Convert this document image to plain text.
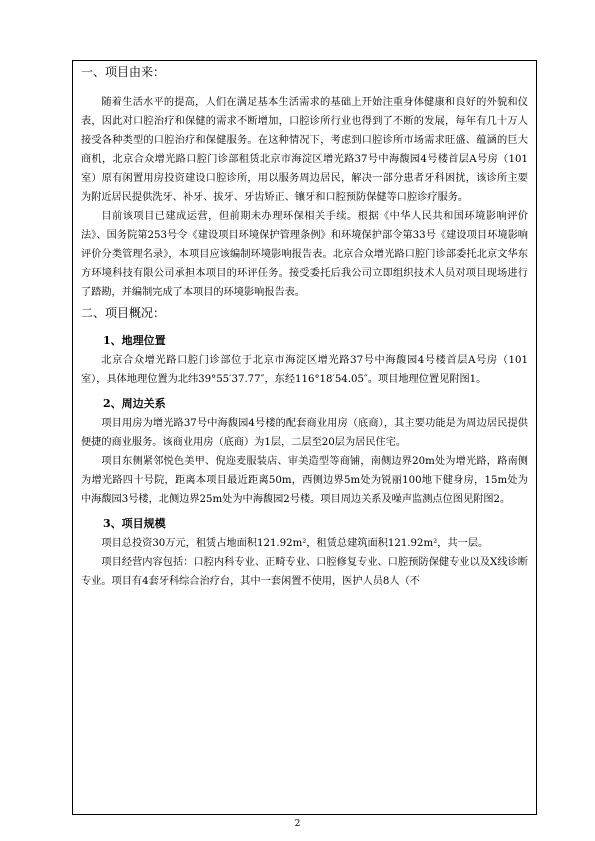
一、项目由来：

随着生活水平的提高，人们在满足基本生活需求的基础上开始注重身体健康和良好的外貌和仪表，因此对口腔治疗和保健的需求不断增加，口腔诊所行业也得到了不断的发展，每年有几十万人接受各种类型的口腔治疗和保健服务。在这种情况下，考虑到口腔诊所市场需求旺盛、蕴涵的巨大商机，北京合众增光路口腔门诊部租赁北京市海淀区增光路37号中海馥园4号楼首层A号房（101室）原有闲置用房投资建设口腔诊所，用以服务周边居民，解决一部分患者牙科困扰，该诊所主要为附近居民提供洗牙、补牙、拔牙、牙齿矫正、镶牙和口腔预防保健等口腔诊疗服务。

目前该项目已建成运营，但前期未办理环保相关手续。根据《中华人民共和国环境影响评价法》、国务院第253号令《建设项目环境保护管理条例》和环境保护部令第33号《建设项目环境影响评价分类管理名录》，本项目应该编制环境影响报告表。北京合众增光路口腔门诊部委托北京文华东方环境科技有限公司承担本项目的环评任务。接受委托后我公司立即组织技术人员对项目现场进行了踏勘，并编制完成了本项目的环境影响报告表。

二、项目概况：

1、地理位置

北京合众增光路口腔门诊部位于北京市海淀区增光路37号中海馥园4号楼首层A号房（101室），具体地理位置为北纬39°55′37.77″，东经116°18′54.05″。项目地理位置见附图1。

2、周边关系

项目用房为增光路37号中海馥园4号楼的配套商业用房（底商），其主要功能是为周边居民提供便捷的商业服务。该商业用房（底商）为1层，二层至20层为居民住宅。

项目东侧紧邻悦色美甲、倪迩麦服装店、审美造型等商铺，南侧边界20m处为增光路，路南侧为增光路四十号院，距离本项目最近距离50m，西侧边界5m处为锐丽100地下健身房，15m处为中海馥园3号楼，北侧边界25m处为中海馥园2号楼。项目周边关系及噪声监测点位图见附图2。

3、项目规模

项目总投资30万元，租赁占地面积121.92m²，租赁总建筑面积121.92m²，共一层。

项目经营内容包括：口腔内科专业、正畸专业、口腔修复专业、口腔预防保健专业以及X线诊断专业。项目有4套牙科综合治疗台，其中一套闲置不使用，医护人员8人（不

2
